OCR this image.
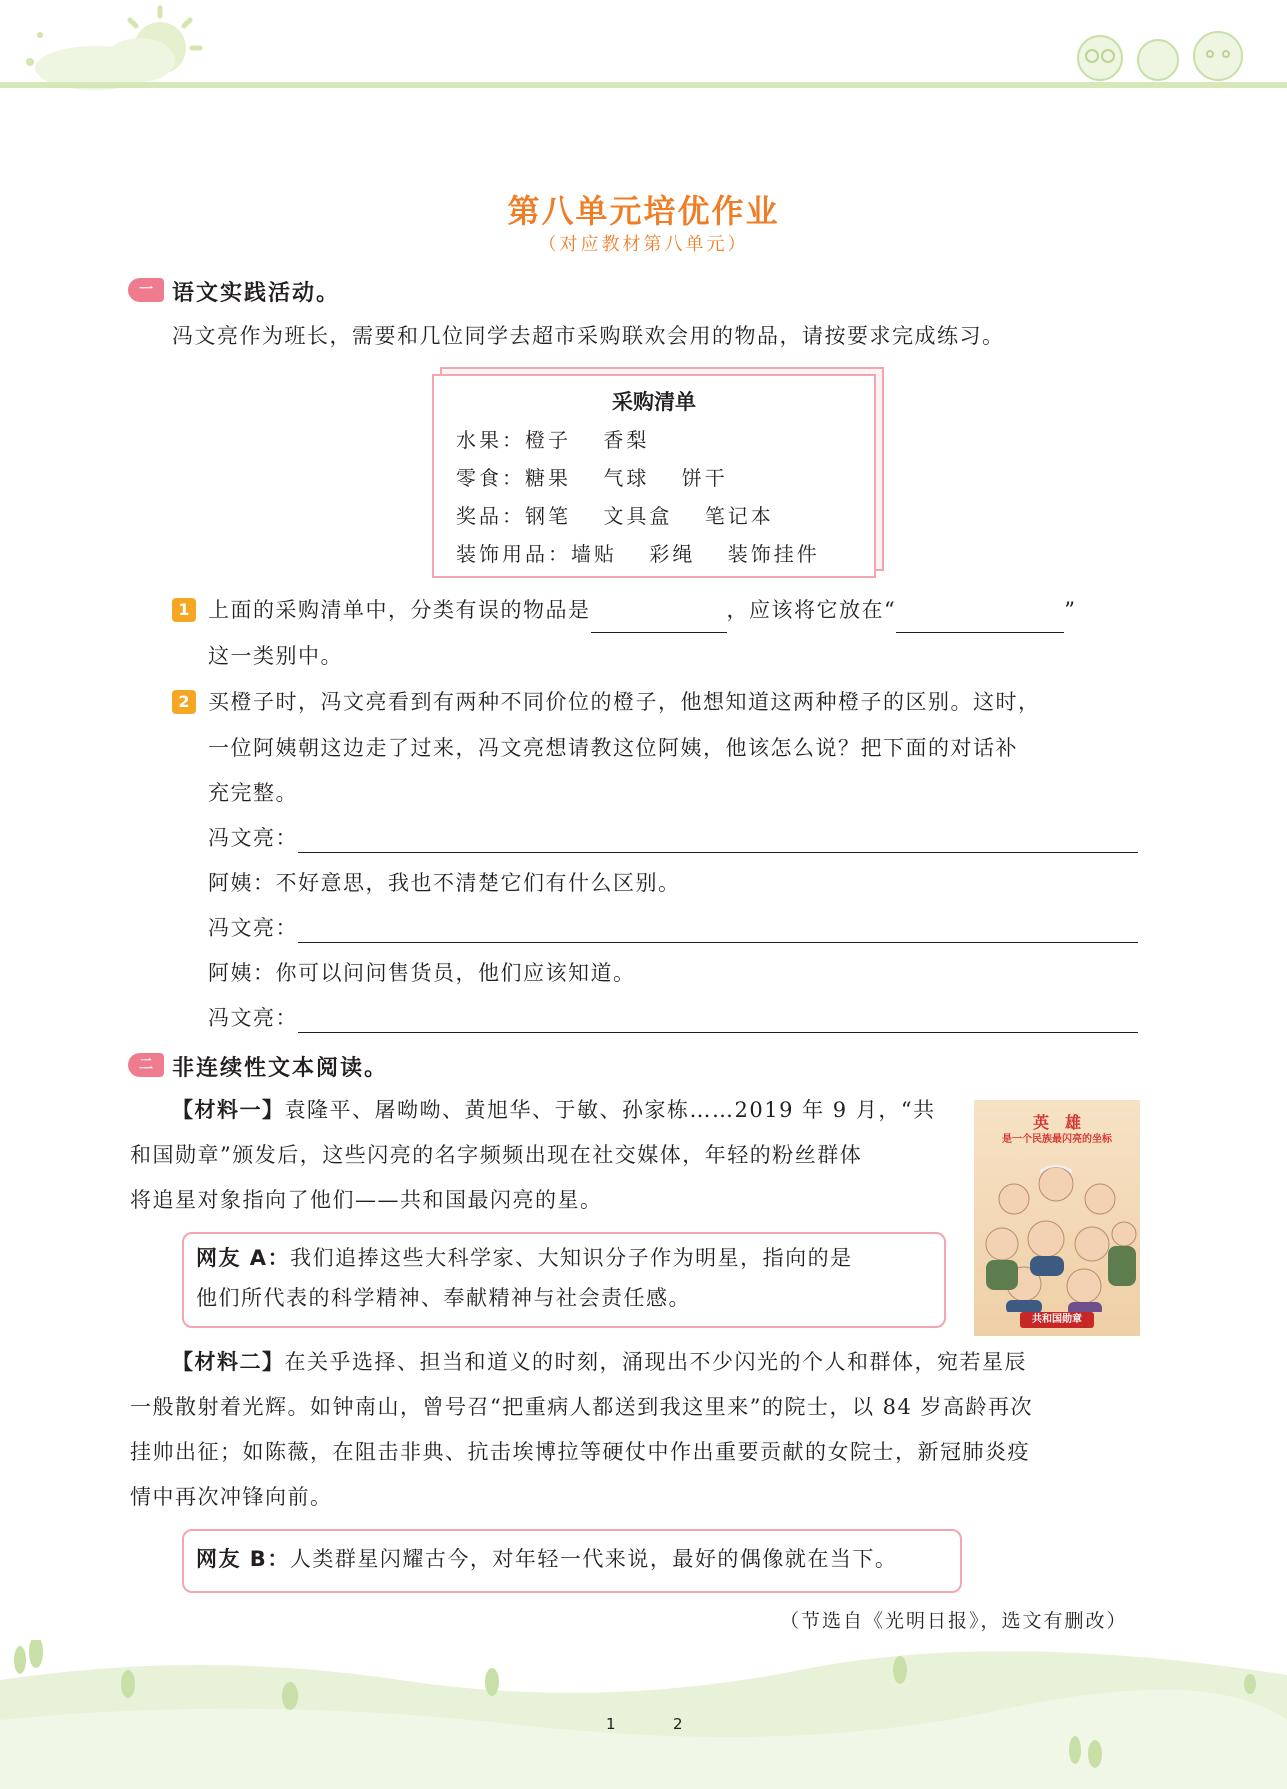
第八单元培优作业
（对应教材第八单元）
一 语文实践活动。
冯文亮作为班长，需要和几位同学去超市采购联欢会用的物品，请按要求完成练习。
采购清单
水果：橙子　 香梨
零食：糖果　 气球　 饼干
奖品：钢笔　 文具盒　 笔记本
装饰用品：墙贴　 彩绳　 装饰挂件
1 上面的采购清单中，分类有误的物品是	，应该将它放在“	”
这一类别中。
2 买橙子时，冯文亮看到有两种不同价位的橙子，他想知道这两种橙子的区别。这时，
一位阿姨朝这边走了过来，冯文亮想请教这位阿姨，他该怎么说？把下面的对话补
充完整。
冯文亮：
阿姨：不好意思，我也不清楚它们有什么区别。
冯文亮：
阿姨：你可以问问售货员，他们应该知道。
冯文亮：
二 非连续性文本阅读。
【材料一】袁隆平、屠呦呦、黄旭华、于敏、孙家栋……2019 年 9 月，“共
和国勋章”颁发后，这些闪亮的名字频频出现在社交媒体，年轻的粉丝群体
将追星对象指向了他们——共和国最闪亮的星。
网友 A：我们追捧这些大科学家、大知识分子作为明星，指向的是
他们所代表的科学精神、奉献精神与社会责任感。
英　雄
是一个民族最闪亮的坐标
共和国勋章
【材料二】在关乎选择、担当和道义的时刻，涌现出不少闪光的个人和群体，宛若星辰
一般散射着光辉。如钟南山，曾号召“把重病人都送到我这里来”的院士，以 84 岁高龄再次
挂帅出征；如陈薇，在阻击非典、抗击埃博拉等硬仗中作出重要贡献的女院士，新冠肺炎疫
情中再次冲锋向前。
网友 B：人类群星闪耀古今，对年轻一代来说，最好的偶像就在当下。
（节选自《光明日报》，选文有删改）
1	2
